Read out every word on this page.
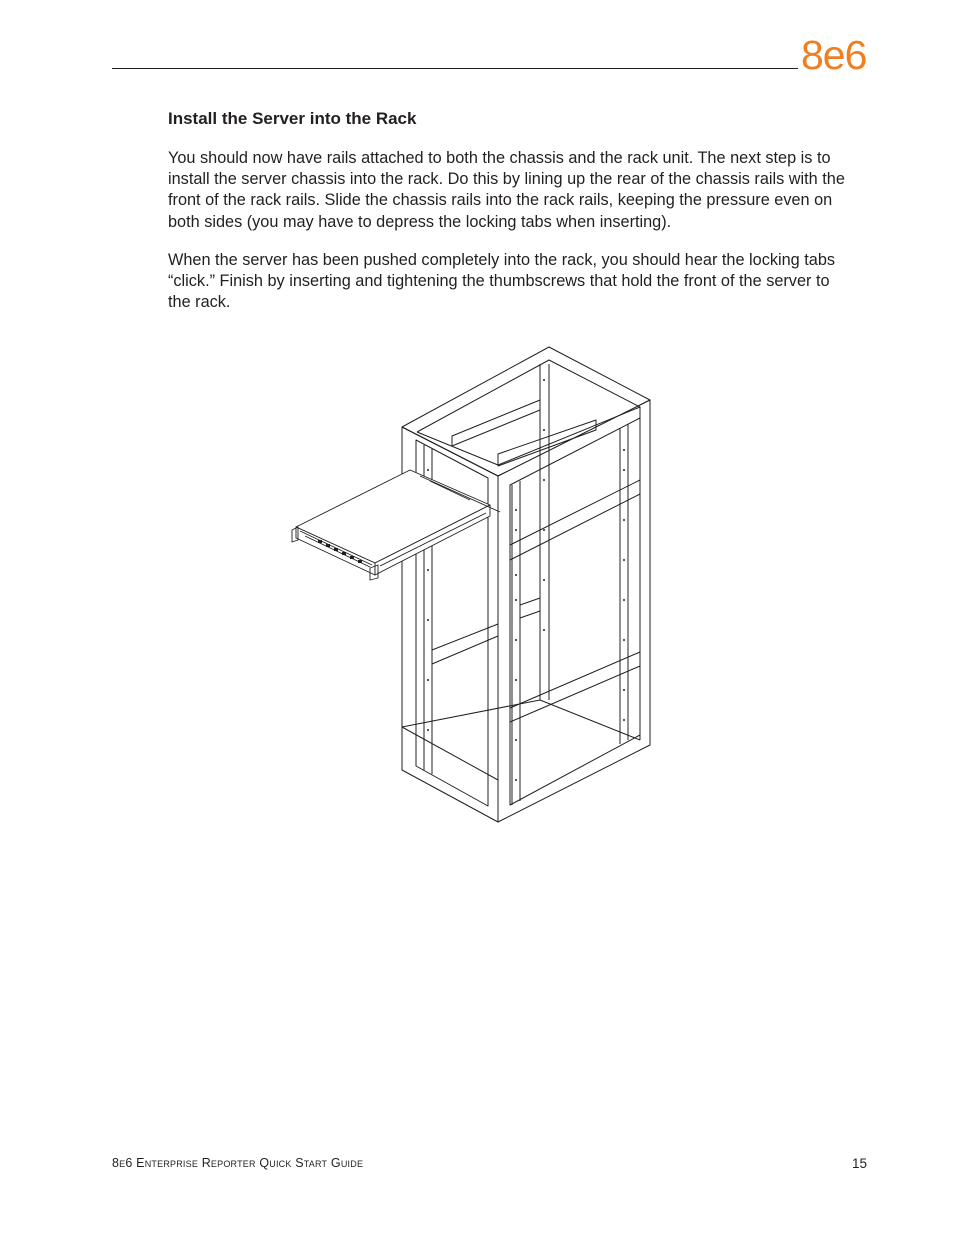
8e6
Install the Server into the Rack

You should now have rails attached to both the chassis and the rack unit. The next step is to install the server chassis into the rack. Do this by lining up the rear of the chassis rails with the front of the rack rails. Slide the chassis rails into the rack rails, keeping the pressure even on both sides (you may have to depress the locking tabs when inserting).

When the server has been pushed completely into the rack, you should hear the locking tabs “click.” Finish by inserting and tightening the thumbscrews that hold the front of the server to the rack.

8e6 Enterprise Reporter Quick Start Guide	15
